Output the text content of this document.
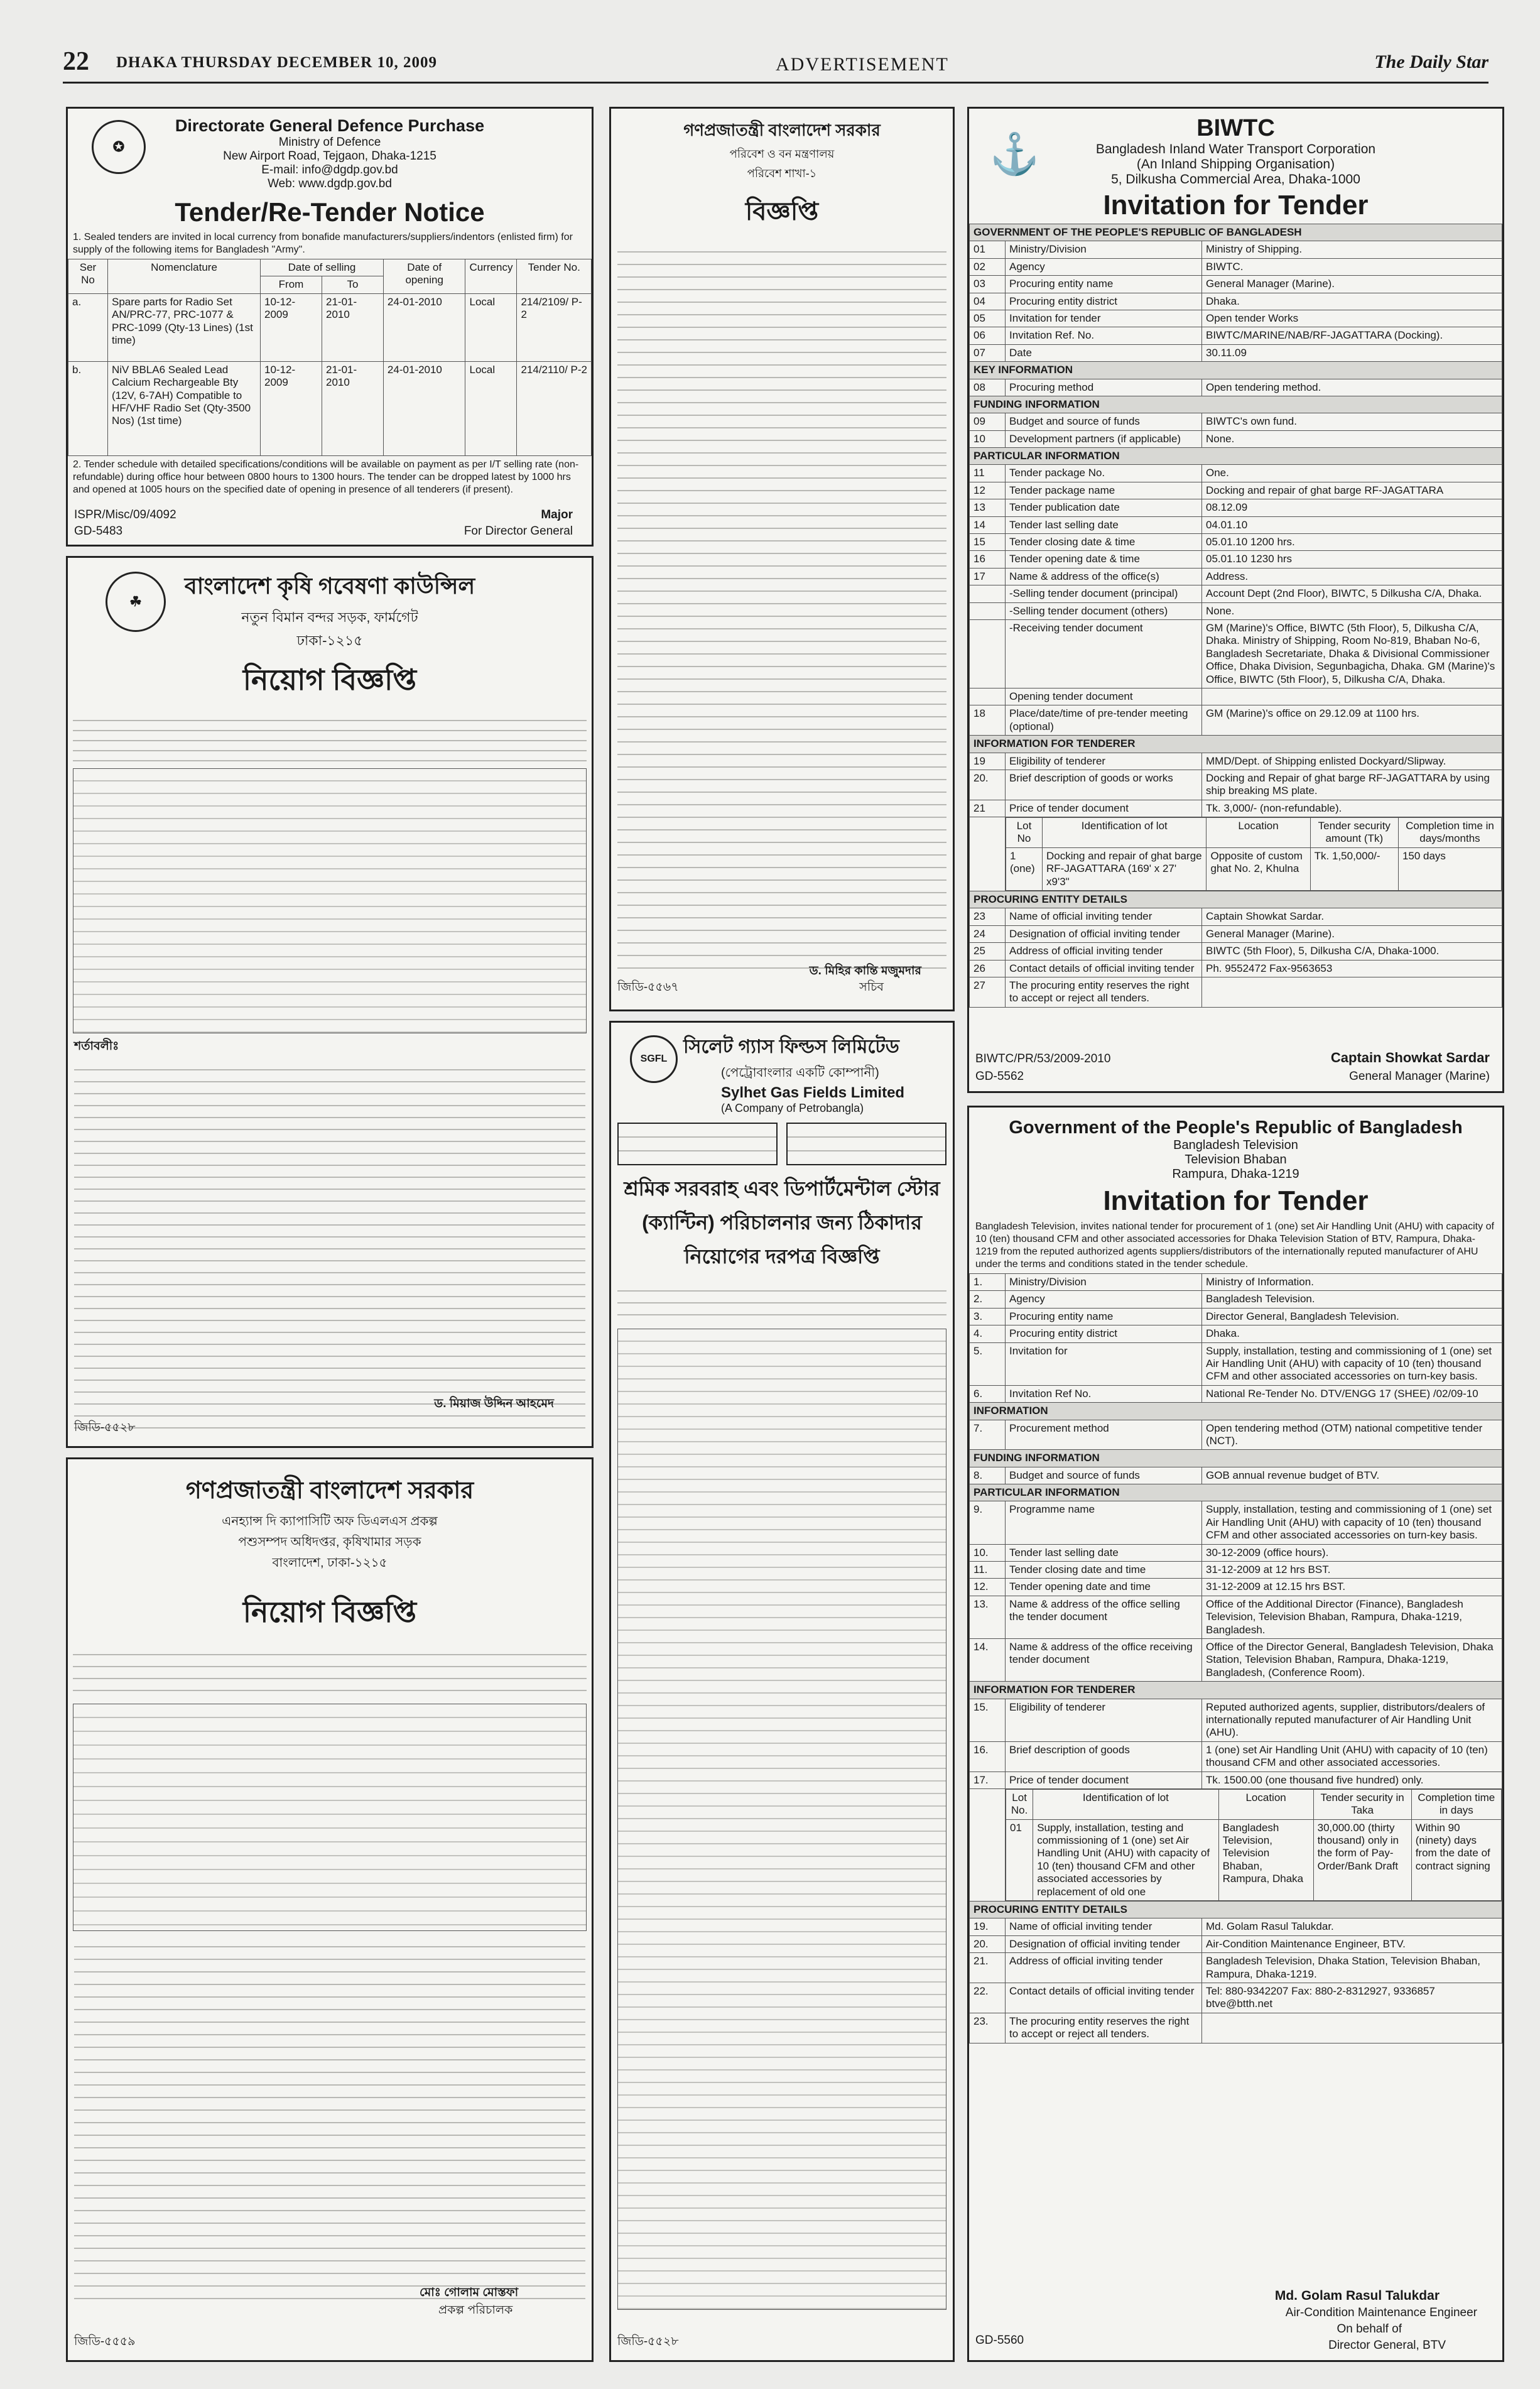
22 DHAKA THURSDAY DECEMBER 10, 2009	ADVERTISEMENT	The Daily Star
✪
Directorate General Defence Purchase
Ministry of Defence
New Airport Road, Tejgaon, Dhaka-1215
E-mail: info@dgdp.gov.bd
Web: www.dgdp.gov.bd
Tender/Re-Tender Notice
1. Sealed tenders are invited in local currency from bonafide manufacturers/suppliers/indentors (enlisted firm) for supply of the following items for Bangladesh "Army".
Ser No	Nomenclature	Date of selling		Date of opening	Currency	Tender No.
		From	To			
a.	Spare parts for Radio Set AN/PRC-77, PRC-1077 & PRC-1099 (Qty-13 Lines) (1st time)	10-12-2009	21-01-2010	24-01-2010	Local	214/2109/ P-2
b.	NiV BBLA6 Sealed Lead Calcium Rechargeable Bty (12V, 6-7AH) Compatible to HF/VHF Radio Set (Qty-3500 Nos) (1st time)	10-12-2009	21-01-2010	24-01-2010	Local	214/2110/ P-2
2. Tender schedule with detailed specifications/conditions will be available on payment as per I/T selling rate (non-refundable) during office hour between 0800 hours to 1300 hours. The tender can be dropped latest by 1000 hrs and opened at 1005 hours on the specified date of opening in presence of all tenderers (if present).
ISPR/Misc/09/4092
GD-5483
Major
For Director General
☘
বাংলাদেশ কৃষি গবেষণা কাউন্সিল
নতুন বিমান বন্দর সড়ক, ফার্মগেট
ঢাকা-১২১৫
নিয়োগ বিজ্ঞপ্তি
শর্তাবলীঃ
ড. মিয়াজ উদ্দিন আহমেদ
জিডি-৫৫২৮
গণপ্রজাতন্ত্রী বাংলাদেশ সরকার
এনহ্যান্স দি ক্যাপাসিটি অফ ডিএলএস প্রকল্প
পশুসম্পদ অধিদপ্তর, কৃষিখামার সড়ক
বাংলাদেশ, ঢাকা-১২১৫
নিয়োগ বিজ্ঞপ্তি
মোঃ গোলাম মোস্তফা
প্রকল্প পরিচালক
জিডি-৫৫৫৯
গণপ্রজাতন্ত্রী বাংলাদেশ সরকার
পরিবেশ ও বন মন্ত্রণালয়
পরিবেশ শাখা-১
বিজ্ঞপ্তি
ড. মিহির কান্তি মজুমদার
সচিব
জিডি-৫৫৬৭
SGFL
সিলেট গ্যাস ফিল্ডস লিমিটেড
(পেট্রোবাংলার একটি কোম্পানী)
Sylhet Gas Fields Limited
(A Company of Petrobangla)
শ্রমিক সরবরাহ এবং ডিপার্টমেন্টাল স্টোর
(ক্যান্টিন) পরিচালনার জন্য ঠিকাদার
নিয়োগের দরপত্র বিজ্ঞপ্তি
জিডি-৫৫২৮
⚓
BIWTC
Bangladesh Inland Water Transport Corporation
(An Inland Shipping Organisation)
5, Dilkusha Commercial Area, Dhaka-1000
Invitation for Tender
GOVERNMENT OF THE PEOPLE'S REPUBLIC OF BANGLADESH
01	Ministry/Division	Ministry of Shipping.
02	Agency	BIWTC.
03	Procuring entity name	General Manager (Marine).
04	Procuring entity district	Dhaka.
05	Invitation for tender	Open tender Works
06	Invitation Ref. No.	BIWTC/MARINE/NAB/RF-JAGATTARA (Docking).
07	Date	30.11.09
KEY INFORMATION
08	Procuring method	Open tendering method.
FUNDING INFORMATION
09	Budget and source of funds	BIWTC's own fund.
10	Development partners (if applicable)	None.
PARTICULAR INFORMATION
11	Tender package No.	One.
12	Tender package name	Docking and repair of ghat barge RF-JAGATTARA
13	Tender publication date	08.12.09
14	Tender last selling date	04.01.10
15	Tender closing date & time	05.01.10 1200 hrs.
16	Tender opening date & time	05.01.10 1230 hrs
17	Name & address of the office(s)	Address.
	-Selling tender document (principal)	Account Dept (2nd Floor), BIWTC, 5 Dilkusha C/A, Dhaka.
	-Selling tender document (others)	None.
	-Receiving tender document	GM (Marine)'s Office, BIWTC (5th Floor), 5, Dilkusha C/A, Dhaka. Ministry of Shipping, Room No-819, Bhaban No-6, Bangladesh Secretariate, Dhaka & Divisional Commissioner Office, Dhaka Division, Segunbagicha, Dhaka. GM (Marine)'s Office, BIWTC (5th Floor), 5, Dilkusha C/A, Dhaka.
	Opening tender document	
18	Place/date/time of pre-tender meeting (optional)	GM (Marine)'s office on 29.12.09 at 1100 hrs.
INFORMATION FOR TENDERER
19	Eligibility of tenderer	MMD/Dept. of Shipping enlisted Dockyard/Slipway.
20.	Brief description of goods or works	Docking and Repair of ghat barge RF-JAGATTARA by using ship breaking MS plate.
21	Price of tender document	Tk. 3,000/- (non-refundable).

Lot No	Identification of lot	Location	Tender security amount (Tk)	Completion time in days/months
1 (one)	Docking and repair of ghat barge RF-JAGATTARA (169' x 27' x9'3"	Opposite of custom ghat No. 2, Khulna	Tk. 1,50,000/-	150 days

PROCURING ENTITY DETAILS
23	Name of official inviting tender	Captain Showkat Sardar.
24	Designation of official inviting tender	General Manager (Marine).
25	Address of official inviting tender	BIWTC (5th Floor), 5, Dilkusha C/A, Dhaka-1000.
26	Contact details of official inviting tender	Ph. 9552472 Fax-9563653
27	The procuring entity reserves the right to accept or reject all tenders.	
BIWTC/PR/53/2009-2010
GD-5562
Captain Showkat Sardar
General Manager (Marine)
Government of the People's Republic of Bangladesh
Bangladesh Television
Television Bhaban
Rampura, Dhaka-1219
Invitation for Tender
Bangladesh Television, invites national tender for procurement of 1 (one) set Air Handling Unit (AHU) with capacity of 10 (ten) thousand CFM and other associated accessories for Dhaka Television Station of BTV, Rampura, Dhaka-1219 from the reputed authorized agents suppliers/distributors of the internationally reputed manufacturer of AHU under the terms and conditions stated in the tender schedule.
1.	Ministry/Division	Ministry of Information.
2.	Agency	Bangladesh Television.
3.	Procuring entity name	Director General, Bangladesh Television.
4.	Procuring entity district	Dhaka.
5.	Invitation for	Supply, installation, testing and commissioning of 1 (one) set Air Handling Unit (AHU) with capacity of 10 (ten) thousand CFM and other associated accessories on turn-key basis.
6.	Invitation Ref No.	National Re-Tender No. DTV/ENGG 17 (SHEE) /02/09-10
INFORMATION
7.	Procurement method	Open tendering method (OTM) national competitive tender (NCT).
FUNDING INFORMATION
8.	Budget and source of funds	GOB annual revenue budget of BTV.
PARTICULAR INFORMATION
9.	Programme name	Supply, installation, testing and commissioning of 1 (one) set Air Handling Unit (AHU) with capacity of 10 (ten) thousand CFM and other associated accessories on turn-key basis.
10.	Tender last selling date	30-12-2009 (office hours).
11.	Tender closing date and time	31-12-2009 at 12 hrs BST.
12.	Tender opening date and time	31-12-2009 at 12.15 hrs BST.
13.	Name & address of the office selling the tender document	Office of the Additional Director (Finance), Bangladesh Television, Television Bhaban, Rampura, Dhaka-1219, Bangladesh.
14.	Name & address of the office receiving tender document	Office of the Director General, Bangladesh Television, Dhaka Station, Television Bhaban, Rampura, Dhaka-1219, Bangladesh, (Conference Room).
INFORMATION FOR TENDERER
15.	Eligibility of tenderer	Reputed authorized agents, supplier, distributors/dealers of internationally reputed manufacturer of Air Handling Unit (AHU).
16.	Brief description of goods	1 (one) set Air Handling Unit (AHU) with capacity of 10 (ten) thousand CFM and other associated accessories.
17.	Price of tender document	Tk. 1500.00 (one thousand five hundred) only.

Lot No.	Identification of lot	Location	Tender security in Taka	Completion time in days
01	Supply, installation, testing and commissioning of 1 (one) set Air Handling Unit (AHU) with capacity of 10 (ten) thousand CFM and other associated accessories by replacement of old one	Bangladesh Television, Television Bhaban, Rampura, Dhaka	30,000.00 (thirty thousand) only in the form of Pay-Order/Bank Draft	Within 90 (ninety) days from the date of contract signing

PROCURING ENTITY DETAILS
19.	Name of official inviting tender	Md. Golam Rasul Talukdar.
20.	Designation of official inviting tender	Air-Condition Maintenance Engineer, BTV.
21.	Address of official inviting tender	Bangladesh Television, Dhaka Station, Television Bhaban, Rampura, Dhaka-1219.
22.	Contact details of official inviting tender	Tel: 880-9342207 Fax: 880-2-8312927, 9336857 btve@btth.net
23.	The procuring entity reserves the right to accept or reject all tenders.	
Md. Golam Rasul Talukdar
Air-Condition Maintenance Engineer
On behalf of
Director General, BTV
GD-5560
